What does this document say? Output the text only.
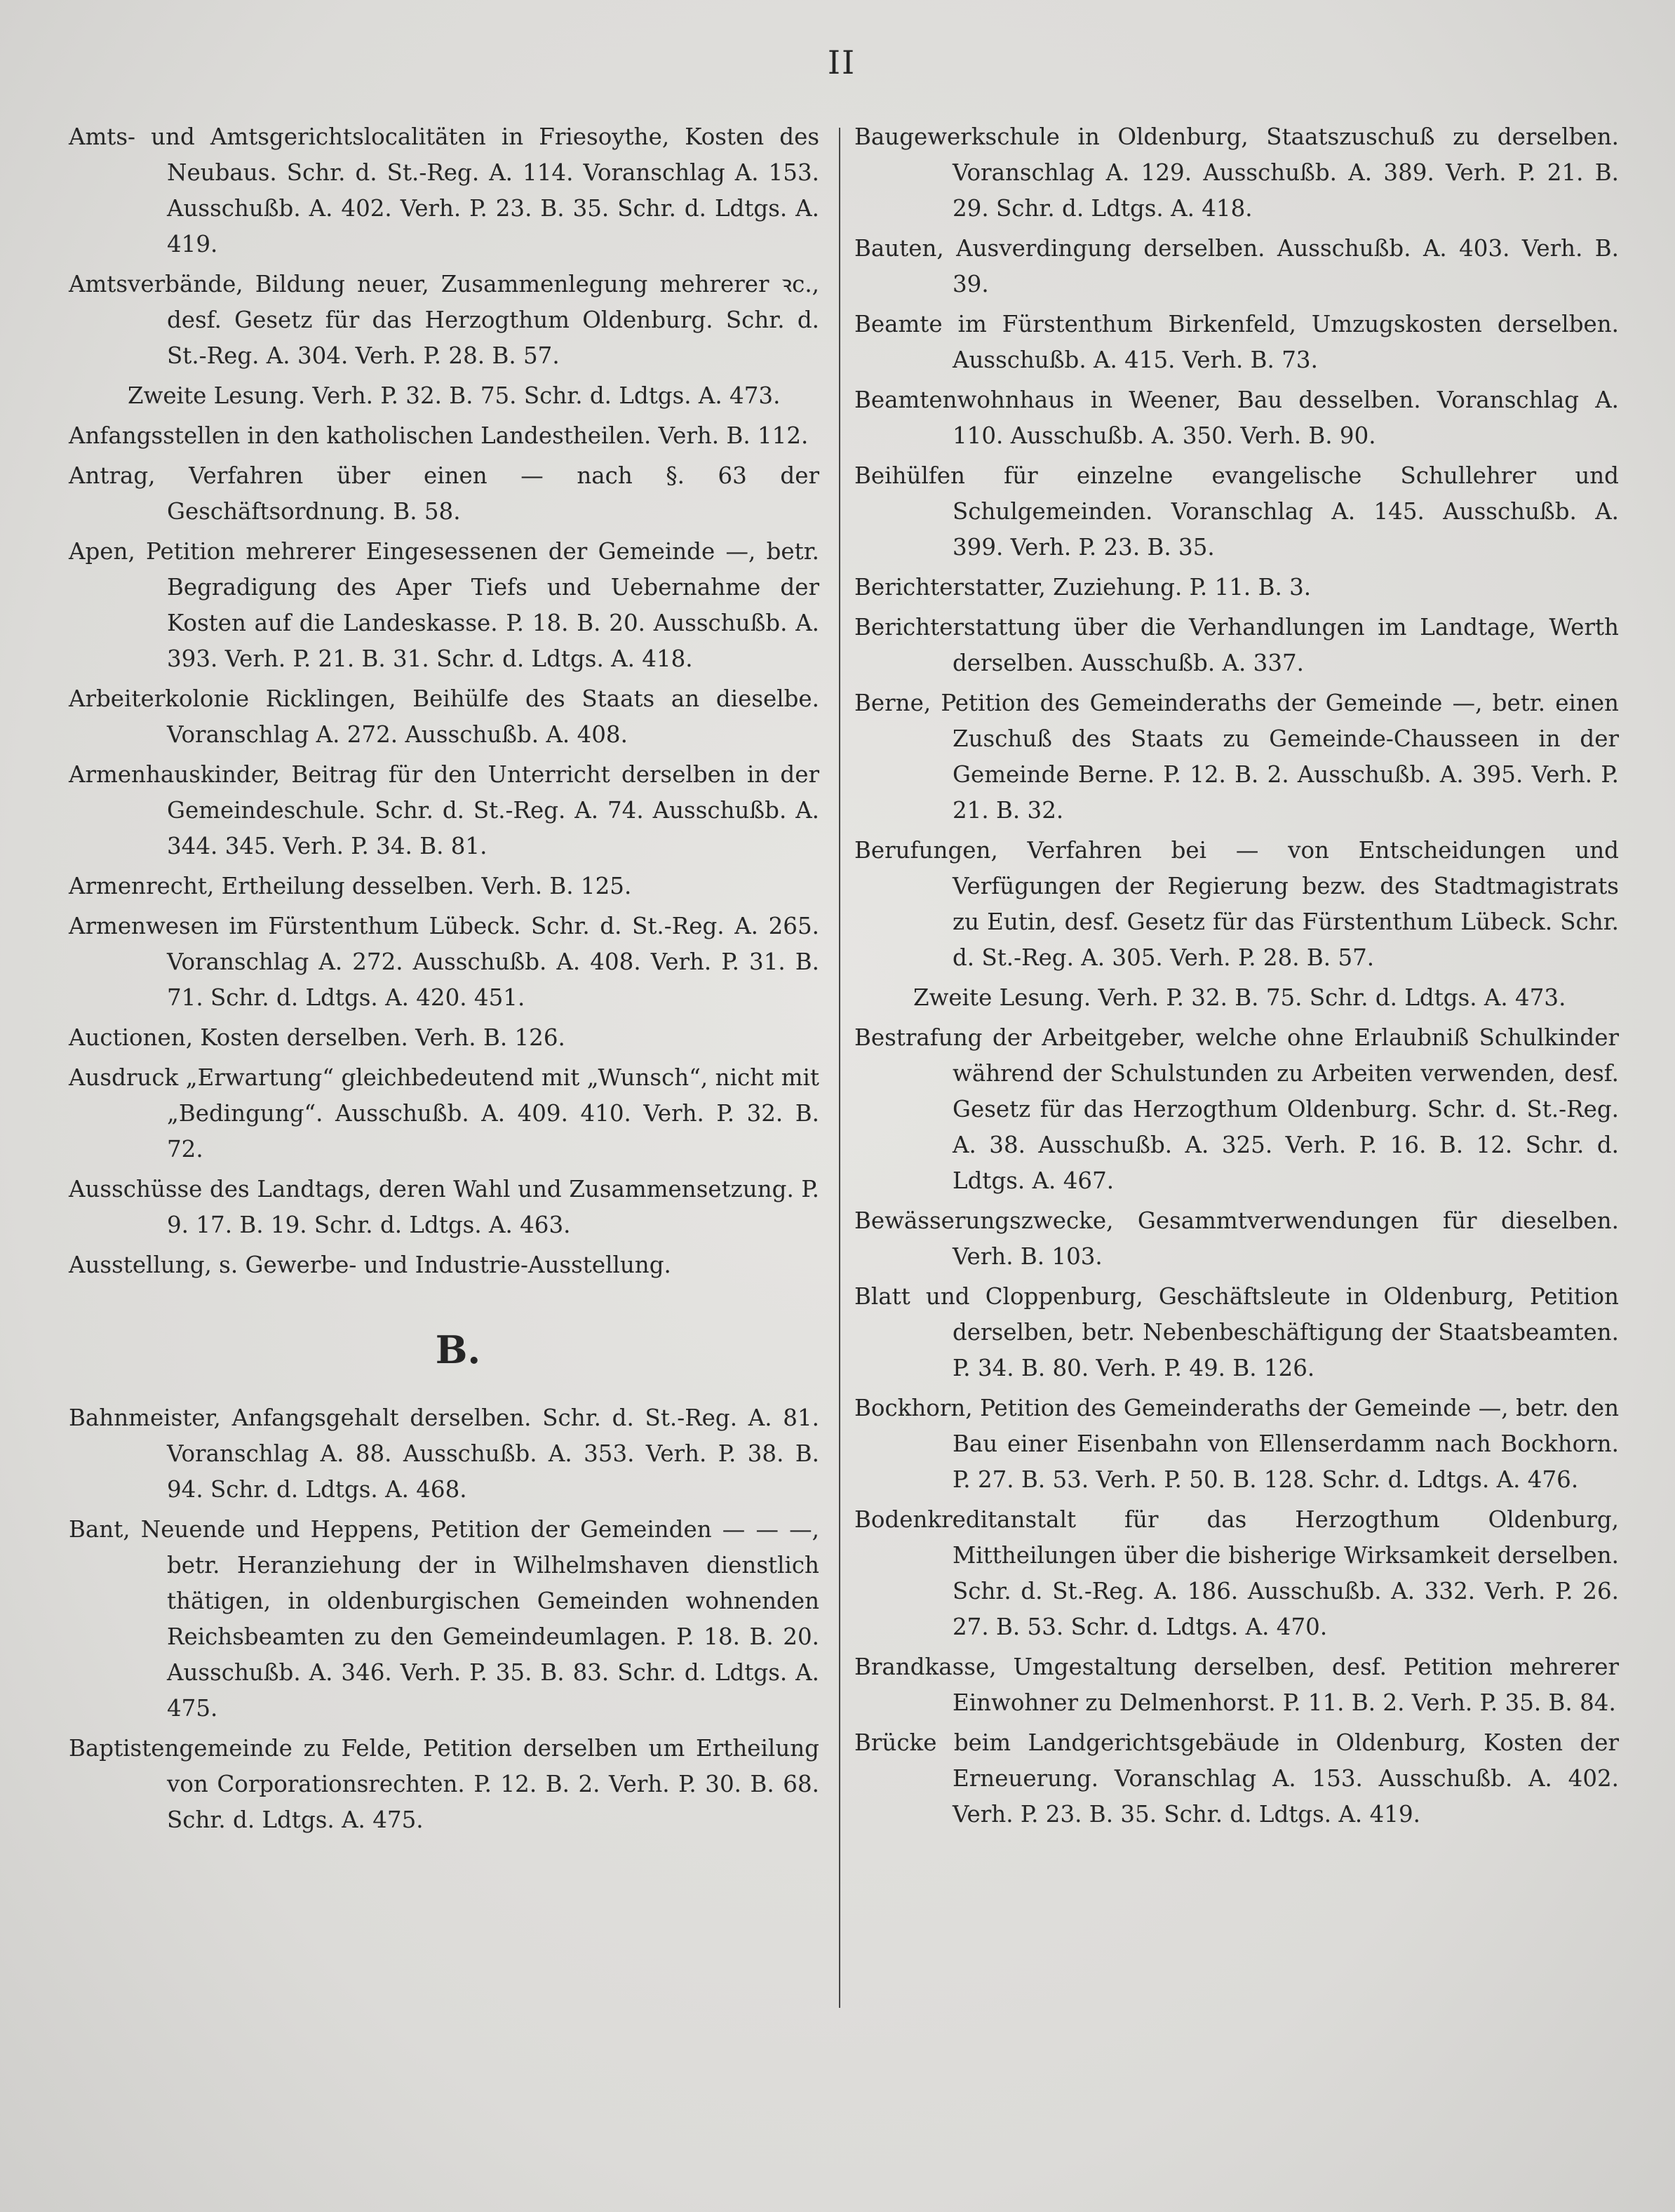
II

Amts- und Amtsgerichtslocalitäten in Friesoythe, Kosten des Neubaus. Schr. d. St.-Reg. A. 114. Voranschlag A. 153. Ausschußb. A. 402. Verh. P. 23. B. 35. Schr. d. Ldtgs. A. 419.

Amtsverbände, Bildung neuer, Zusammenlegung mehrerer ꝛc., desf. Gesetz für das Herzogthum Oldenburg. Schr. d. St.-Reg. A. 304. Verh. P. 28. B. 57.

Zweite Lesung. Verh. P. 32. B. 75. Schr. d. Ldtgs. A. 473.

Anfangsstellen in den katholischen Landestheilen. Verh. B. 112.

Antrag, Verfahren über einen — nach §. 63 der Geschäftsordnung. B. 58.

Apen, Petition mehrerer Eingesessenen der Gemeinde —, betr. Begradigung des Aper Tiefs und Uebernahme der Kosten auf die Landeskasse. P. 18. B. 20. Ausschußb. A. 393. Verh. P. 21. B. 31. Schr. d. Ldtgs. A. 418.

Arbeiterkolonie Ricklingen, Beihülfe des Staats an dieselbe. Voranschlag A. 272. Ausschußb. A. 408.

Armenhauskinder, Beitrag für den Unterricht derselben in der Gemeindeschule. Schr. d. St.-Reg. A. 74. Ausschußb. A. 344. 345. Verh. P. 34. B. 81.

Armenrecht, Ertheilung desselben. Verh. B. 125.

Armenwesen im Fürstenthum Lübeck. Schr. d. St.-Reg. A. 265. Voranschlag A. 272. Ausschußb. A. 408. Verh. P. 31. B. 71. Schr. d. Ldtgs. A. 420. 451.

Auctionen, Kosten derselben. Verh. B. 126.

Ausdruck „Erwartung“ gleichbedeutend mit „Wunsch“, nicht mit „Bedingung“. Ausschußb. A. 409. 410. Verh. P. 32. B. 72.

Ausschüsse des Landtags, deren Wahl und Zusammensetzung. P. 9. 17. B. 19. Schr. d. Ldtgs. A. 463.

Ausstellung, s. Gewerbe- und Industrie-Ausstellung.

B.

Bahnmeister, Anfangsgehalt derselben. Schr. d. St.-Reg. A. 81. Voranschlag A. 88. Ausschußb. A. 353. Verh. P. 38. B. 94. Schr. d. Ldtgs. A. 468.

Bant, Neuende und Heppens, Petition der Gemeinden — — —, betr. Heranziehung der in Wilhelmshaven dienstlich thätigen, in oldenburgischen Gemeinden wohnenden Reichsbeamten zu den Gemeindeumlagen. P. 18. B. 20. Ausschußb. A. 346. Verh. P. 35. B. 83. Schr. d. Ldtgs. A. 475.

Baptistengemeinde zu Felde, Petition derselben um Ertheilung von Corporationsrechten. P. 12. B. 2. Verh. P. 30. B. 68. Schr. d. Ldtgs. A. 475.

Baugewerkschule in Oldenburg, Staatszuschuß zu derselben. Voranschlag A. 129. Ausschußb. A. 389. Verh. P. 21. B. 29. Schr. d. Ldtgs. A. 418.

Bauten, Ausverdingung derselben. Ausschußb. A. 403. Verh. B. 39.

Beamte im Fürstenthum Birkenfeld, Umzugskosten derselben. Ausschußb. A. 415. Verh. B. 73.

Beamtenwohnhaus in Weener, Bau desselben. Voranschlag A. 110. Ausschußb. A. 350. Verh. B. 90.

Beihülfen für einzelne evangelische Schullehrer und Schulgemeinden. Voranschlag A. 145. Ausschußb. A. 399. Verh. P. 23. B. 35.

Berichterstatter, Zuziehung. P. 11. B. 3.

Berichterstattung über die Verhandlungen im Landtage, Werth derselben. Ausschußb. A. 337.

Berne, Petition des Gemeinderaths der Gemeinde —, betr. einen Zuschuß des Staats zu Gemeinde-Chausseen in der Gemeinde Berne. P. 12. B. 2. Ausschußb. A. 395. Verh. P. 21. B. 32.

Berufungen, Verfahren bei — von Entscheidungen und Verfügungen der Regierung bezw. des Stadtmagistrats zu Eutin, desf. Gesetz für das Fürstenthum Lübeck. Schr. d. St.-Reg. A. 305. Verh. P. 28. B. 57.

Zweite Lesung. Verh. P. 32. B. 75. Schr. d. Ldtgs. A. 473.

Bestrafung der Arbeitgeber, welche ohne Erlaubniß Schulkinder während der Schulstunden zu Arbeiten verwenden, desf. Gesetz für das Herzogthum Oldenburg. Schr. d. St.-Reg. A. 38. Ausschußb. A. 325. Verh. P. 16. B. 12. Schr. d. Ldtgs. A. 467.

Bewässerungszwecke, Gesammtverwendungen für dieselben. Verh. B. 103.

Blatt und Cloppenburg, Geschäftsleute in Oldenburg, Petition derselben, betr. Nebenbeschäftigung der Staatsbeamten. P. 34. B. 80. Verh. P. 49. B. 126.

Bockhorn, Petition des Gemeinderaths der Gemeinde —, betr. den Bau einer Eisenbahn von Ellenserdamm nach Bockhorn. P. 27. B. 53. Verh. P. 50. B. 128. Schr. d. Ldtgs. A. 476.

Bodenkreditanstalt für das Herzogthum Oldenburg, Mittheilungen über die bisherige Wirksamkeit derselben. Schr. d. St.-Reg. A. 186. Ausschußb. A. 332. Verh. P. 26. 27. B. 53. Schr. d. Ldtgs. A. 470.

Brandkasse, Umgestaltung derselben, desf. Petition mehrerer Einwohner zu Delmenhorst. P. 11. B. 2. Verh. P. 35. B. 84.

Brücke beim Landgerichtsgebäude in Oldenburg, Kosten der Erneuerung. Voranschlag A. 153. Ausschußb. A. 402. Verh. P. 23. B. 35. Schr. d. Ldtgs. A. 419.
